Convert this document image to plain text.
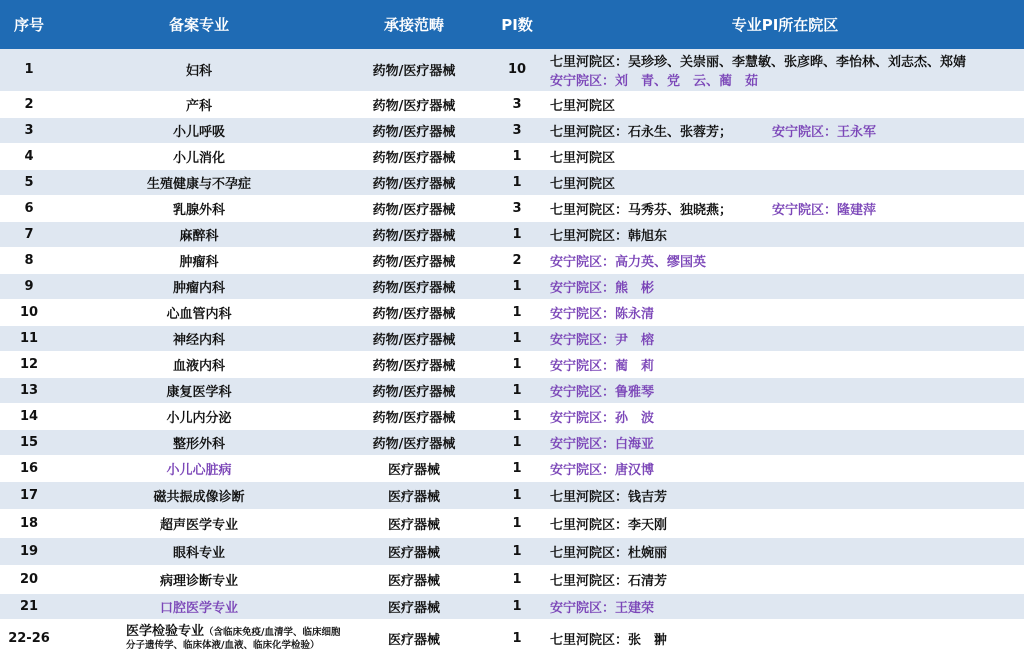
序号	备案专业	承接范畴	PI数	专业PI所在院区
1	妇科	药物/医疗器械	10	七里河院区：吴珍珍、关崇丽、李慧敏、张彦晔、李怡林、刘志杰、郑婧
安宁院区：刘　青、党　云、蔺　茹

2	产科	药物/医疗器械	3	七里河院区
3	小儿呼吸	药物/医疗器械	3	七里河院区：石永生、张蓉芳； 安宁院区：王永军
4	小儿消化	药物/医疗器械	1	七里河院区
5	生殖健康与不孕症	药物/医疗器械	1	七里河院区
6	乳腺外科	药物/医疗器械	3	七里河院区：马秀芬、独晓燕； 安宁院区：隆建萍
7	麻醉科	药物/医疗器械	1	七里河院区：韩旭东
8	肿瘤科	药物/医疗器械	2	安宁院区：高力英、缪国英
9	肿瘤内科	药物/医疗器械	1	安宁院区：熊　彬
10	心血管内科	药物/医疗器械	1	安宁院区：陈永清
11	神经内科	药物/医疗器械	1	安宁院区：尹　榕
12	血液内科	药物/医疗器械	1	安宁院区：蔺　莉
13	康复医学科	药物/医疗器械	1	安宁院区：鲁雅琴
14	小儿内分泌	药物/医疗器械	1	安宁院区：孙　波
15	整形外科	药物/医疗器械	1	安宁院区：白海亚
16	小儿心脏病	医疗器械	1	安宁院区：唐汉博
17	磁共振成像诊断	医疗器械	1	七里河院区：钱吉芳
18	超声医学专业	医疗器械	1	七里河院区：李天刚
19	眼科专业	医疗器械	1	七里河院区：杜婉丽
20	病理诊断专业	医疗器械	1	七里河院区：石清芳
21	口腔医学专业	医疗器械	1	安宁院区：王建荣
22-26	医学检验专业（含临床免疫/血清学、临床细胞
分子遗传学、临床体液/血液、临床化学检验）	医疗器械	1	七里河院区：张　翀
